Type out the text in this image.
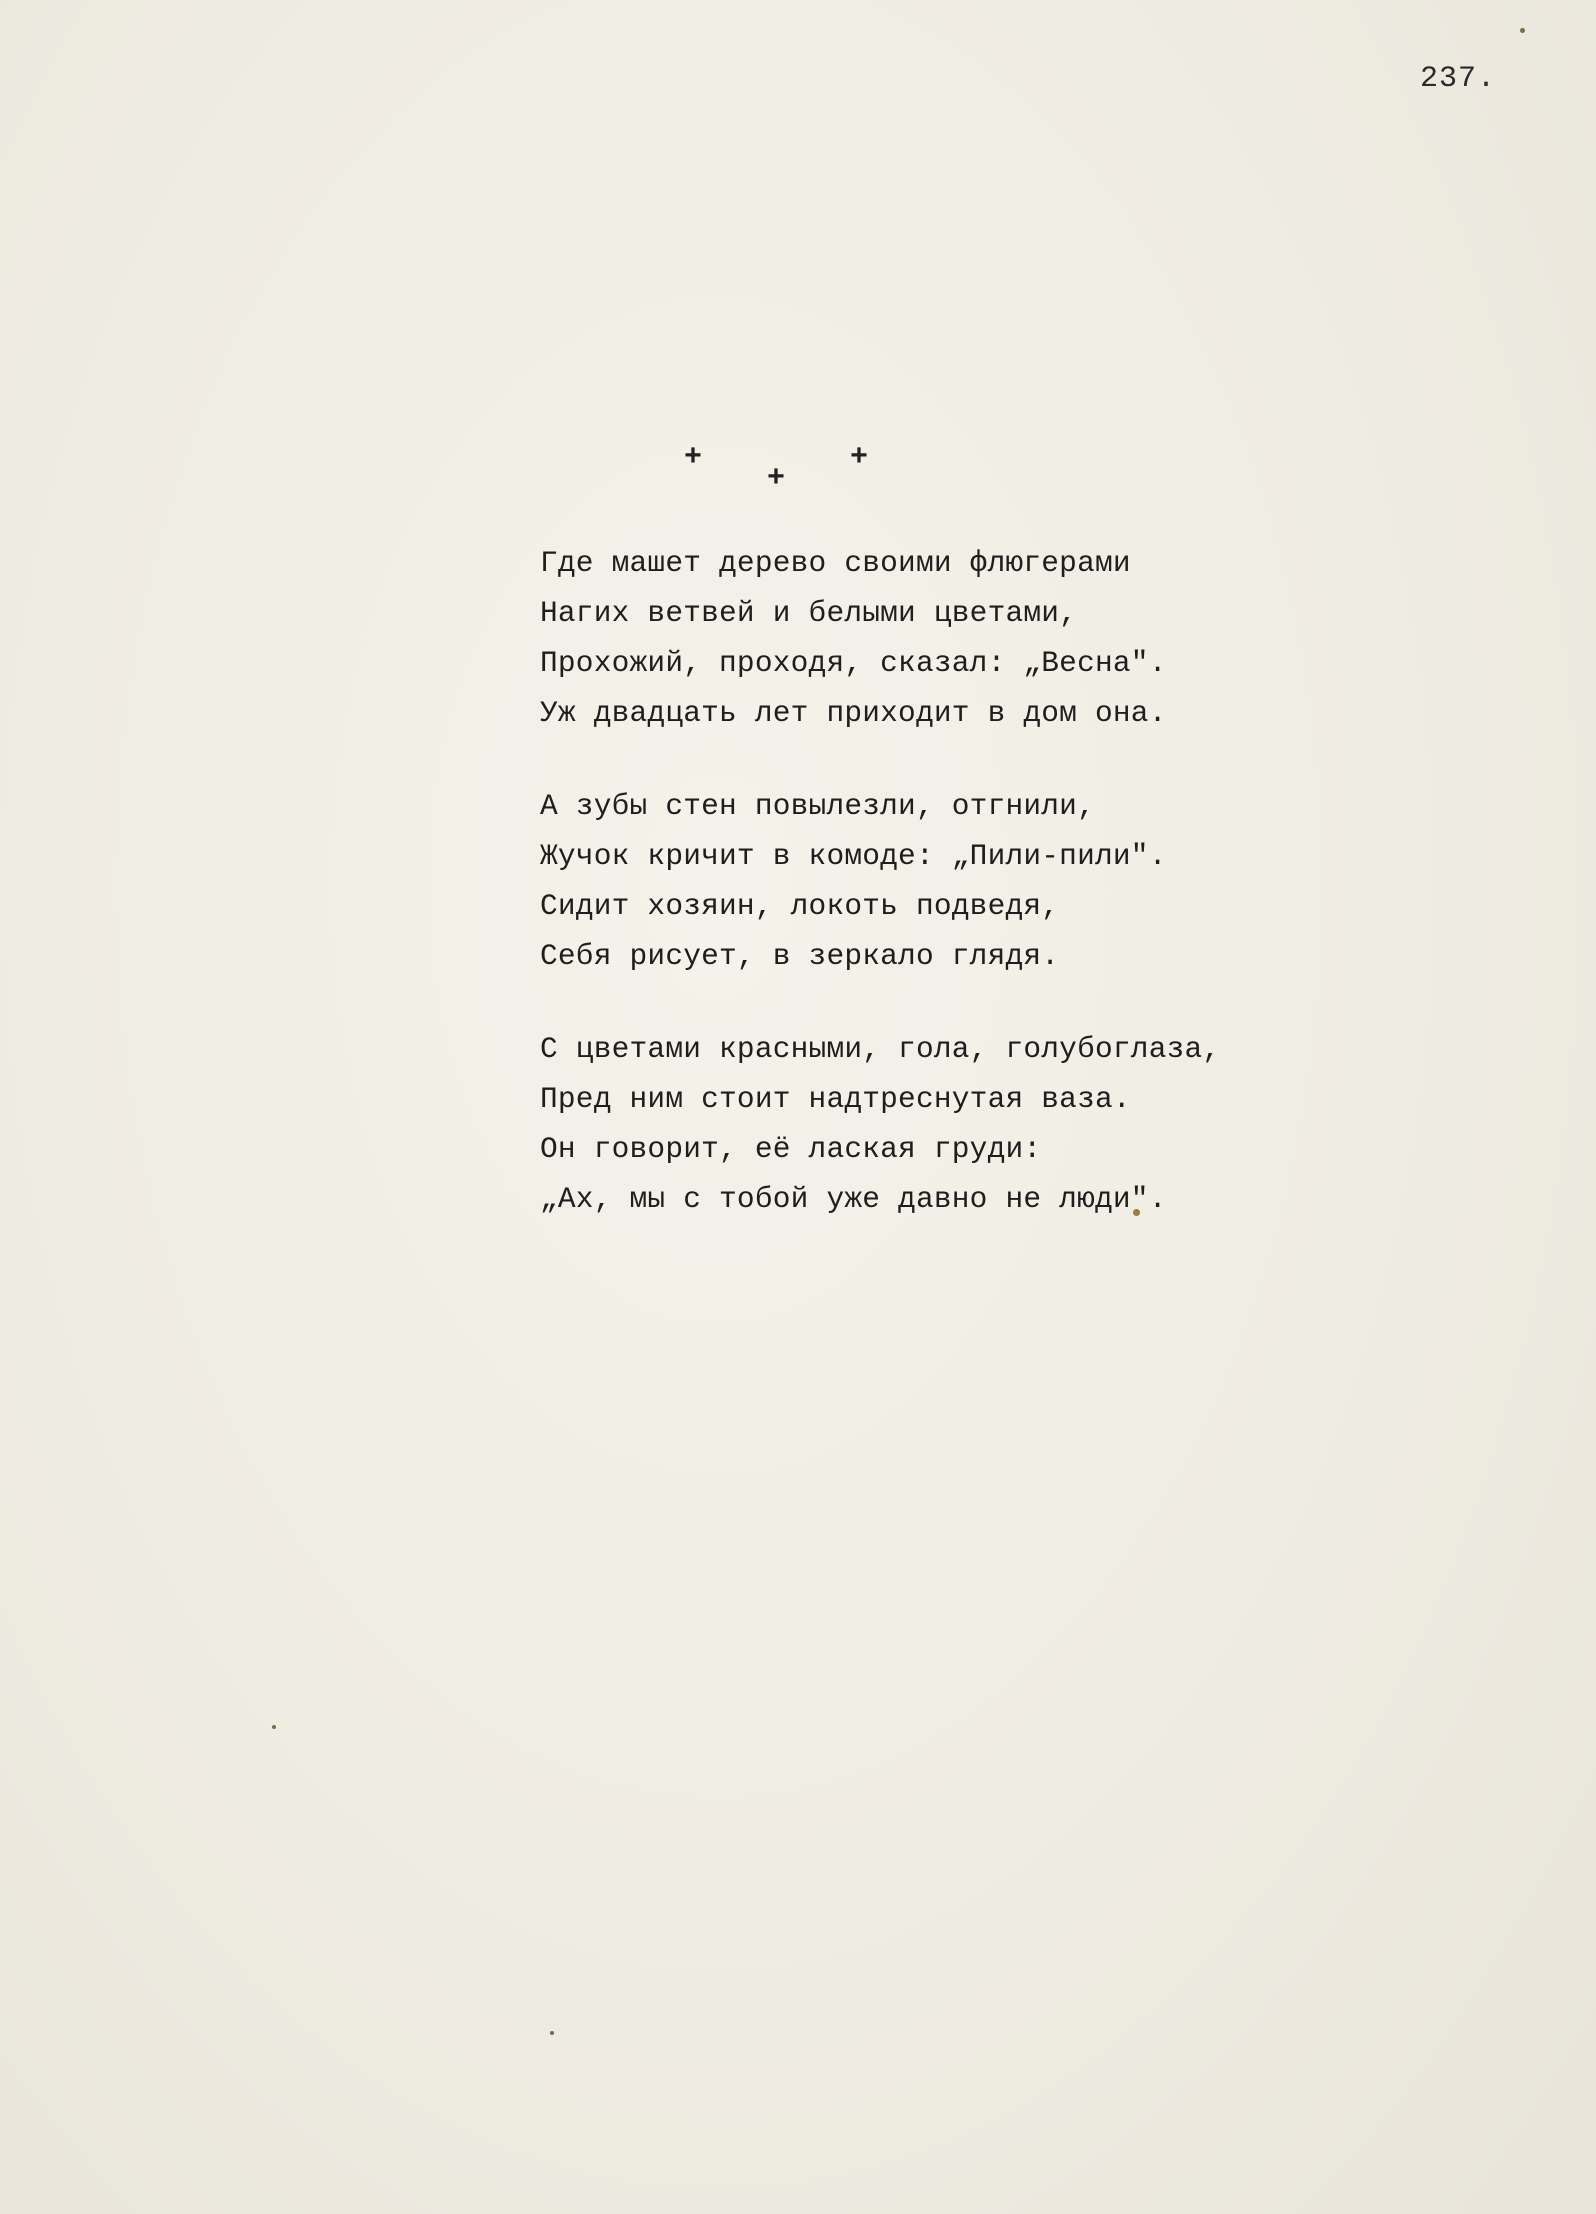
237.
+
+
+
Где машет дерево своими флюгерами
Нагих ветвей и белыми цветами,
Прохожий, проходя, сказал: „Весна".
Уж двадцать лет приходит в дом она.
А зубы стен повылезли, отгнили,
Жучок кричит в комоде: „Пили-пили".
Сидит хозяин, локоть подведя,
Себя рисует, в зеркало глядя.
С цветами красными, гола, голубоглаза,
Пред ним стоит надтреснутая ваза.
Он говорит, её лаская груди:
„Ах, мы с тобой уже давно не люди".
